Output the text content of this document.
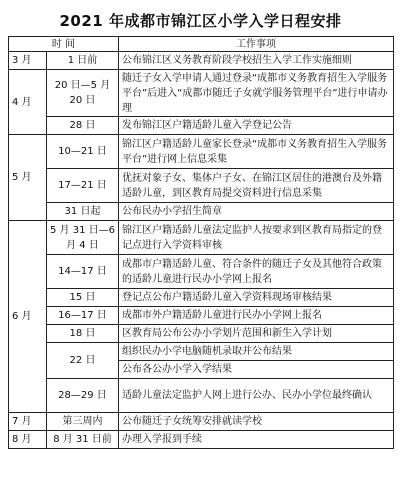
2021 年成都市锦江区小学入学日程安排
时 间		工作事项
3 月	1 日前	公布锦江区义务教育阶段学校招生入学工作实施细则
4 月	20 日—5 月 20 日	随迁子女入学申请人通过登录“成都市义务教育招生入学服务平台”后进入“成都市随迁子女就学服务管理平台”进行申请办理
	28 日	发布锦江区户籍适龄儿童入学登记公告
5 月	10—21 日	锦江区户籍适龄儿童家长登录“成都市义务教育招生入学服务平台”进行网上信息采集
	17—21 日	优抚对象子女、集体户子女、在锦江区居住的港澳台及外籍适龄儿童，到区教育局提交资料进行信息采集
	31 日起	公布民办小学招生简章
6 月	5 月 31 日—6 月 4 日	锦江区户籍适龄儿童法定监护人按要求到区教育局指定的登记点进行入学资料审核
	14—17 日	成都市户籍适龄儿童、符合条件的随迁子女及其他符合政策的适龄儿童进行民办小学网上报名
	15 日	登记点公布户籍适龄儿童入学资料现场审核结果
	16—17 日	成都市外户籍适龄儿童进行民办小学网上报名
	18 日	区教育局公布公办小学划片范围和新生入学计划
	22 日	组织民办小学电脑随机录取并公布结果
		公布各公办小学入学结果
	28—29 日	适龄儿童法定监护人网上进行公办、民办小学位最终确认
7 月	第三周内	公布随迁子女统筹安排就读学校
8 月	8 月 31 日前	办理入学报到手续
